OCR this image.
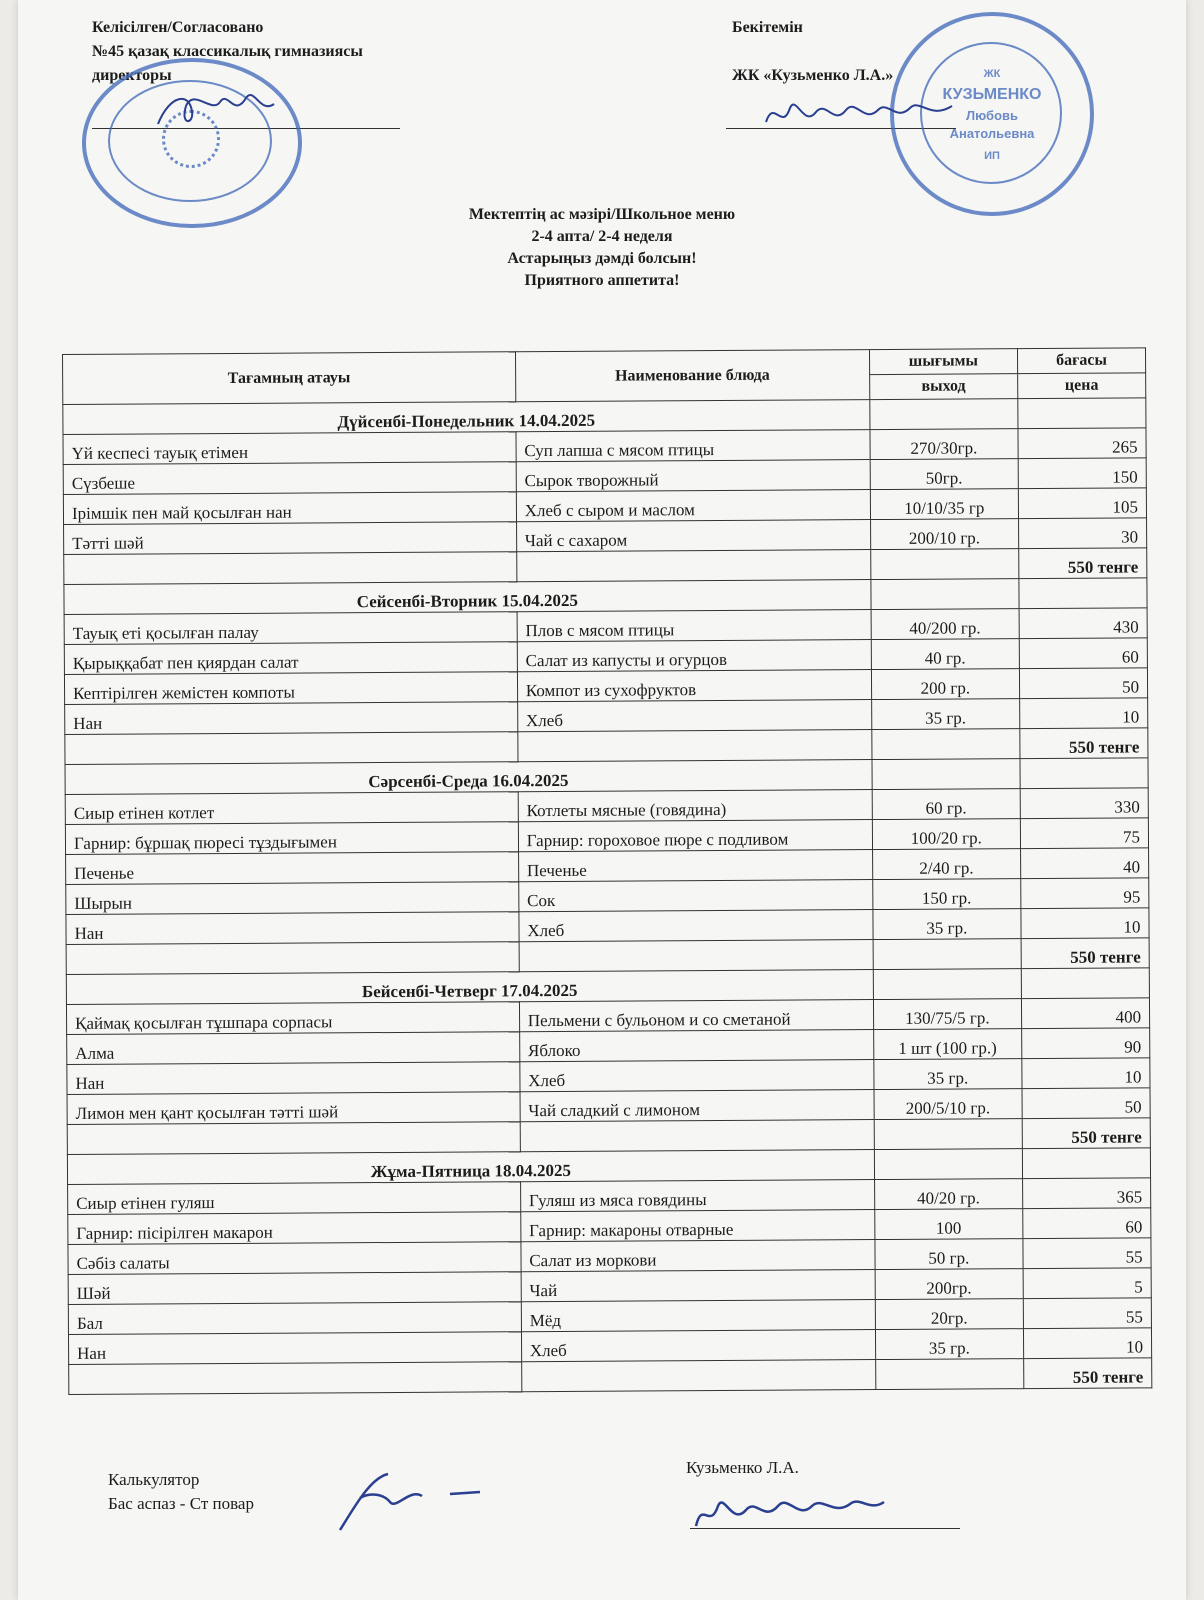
Келісілген/Согласовано
№45 қазақ классикалық гимназиясы
директоры
Бекітемін
ЖК «Кузьменко Л.А.»	ЖК
КУЗЬМЕНКО
Любовь
Анатольевна
ИП
Мектептің ас мәзірі/Школьное меню
2-4 апта/ 2-4 неделя
Астарыңыз дәмді болсын!
Приятного аппетита!
Тағамның атауы	Наименование блюда	шығымы	бағасы
		выход	цена
Дүйсенбі-Понедельник 14.04.2025			
Үй кеспесі тауық етімен	Суп лапша с мясом птицы	270/30гр.	265
Сүзбеше	Сырок творожный	50гр.	150
Ірімшік пен май қосылған нан	Хлеб с сыром и маслом	10/10/35 гр	105
Тәтті шәй	Чай с сахаром	200/10 гр.	30
			550 тенге
Сейсенбі-Вторник 15.04.2025			
Тауық еті қосылған палау	Плов с мясом птицы	40/200 гр.	430
Қырыққабат пен қиярдан салат	Салат из капусты и огурцов	40 гр.	60
Кептірілген жемістен компоты	Компот из сухофруктов	200 гр.	50
Нан	Хлеб	35 гр.	10
			550 тенге
Сәрсенбі-Среда 16.04.2025			
Сиыр етінен котлет	Котлеты мясные (говядина)	60 гр.	330
Гарнир: бұршақ пюресі тұздығымен	Гарнир: гороховое пюре с подливом	100/20 гр.	75
Печенье	Печенье	2/40 гр.	40
Шырын	Сок	150 гр.	95
Нан	Хлеб	35 гр.	10
			550 тенге
Бейсенбі-Четверг 17.04.2025			
Қаймақ қосылған тұшпара сорпасы	Пельмени с бульоном и со сметаной	130/75/5 гр.	400
Алма	Яблоко	1 шт (100 гр.)	90
Нан	Хлеб	35 гр.	10
Лимон мен қант қосылған тәтті шәй	Чай сладкий с лимоном	200/5/10 гр.	50
			550 тенге
Жұма-Пятница 18.04.2025			
Сиыр етінен гуляш	Гуляш из мяса говядины	40/20 гр.	365
Гарнир: пісірілген макарон	Гарнир: макароны отварные	100	60
Сәбіз салаты	Салат из моркови	50 гр.	55
Шәй	Чай	200гр.	5
Бал	Мёд	20гр.	55
Нан	Хлеб	35 гр.	10
			550 тенге
Калькулятор
Бас аспаз - Ст повар
Кузьменко Л.А.
